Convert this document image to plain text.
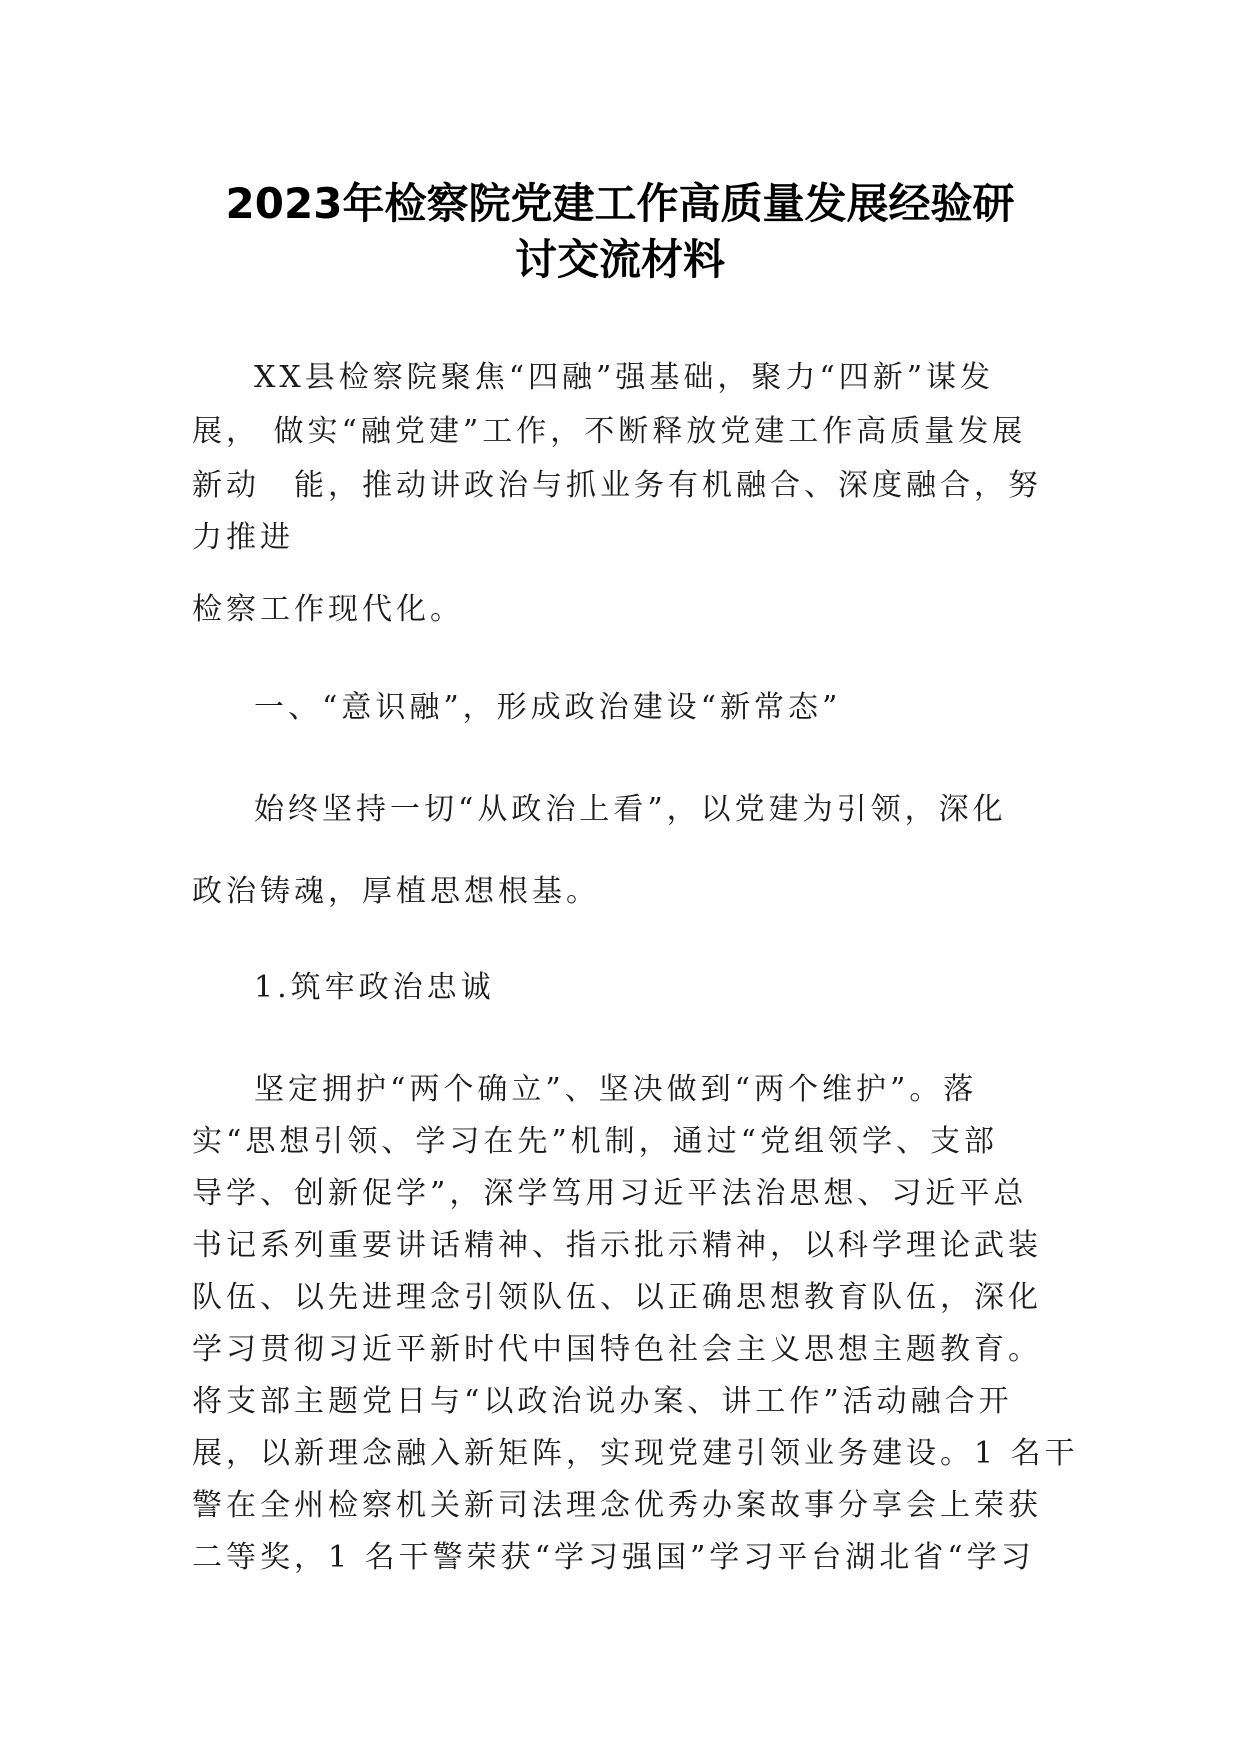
2023年检察院党建工作高质量发展经验研
讨交流材料
XX县检察院聚焦“四融”强基础，聚力“四新”谋发
展， 做实“融党建”工作，不断释放党建工作高质量发展
新动　能，推动讲政治与抓业务有机融合、深度融合，努
力推进
检察工作现代化。
一、“意识融”，形成政治建设“新常态”
始终坚持一切“从政治上看”，以党建为引领，深化
政治铸魂，厚植思想根基。
1.筑牢政治忠诚
坚定拥护“两个确立”、坚决做到“两个维护”。落
实“思想引领、学习在先”机制，通过“党组领学、支部
导学、创新促学”，深学笃用习近平法治思想、习近平总
书记系列重要讲话精神、指示批示精神，以科学理论武装
队伍、以先进理念引领队伍、以正确思想教育队伍，深化
学习贯彻习近平新时代中国特色社会主义思想主题教育。
将支部主题党日与“以政治说办案、讲工作”活动融合开
展，以新理念融入新矩阵，实现党建引领业务建设。1 名干
警在全州检察机关新司法理念优秀办案故事分享会上荣获
二等奖，1 名干警荣获“学习强国”学习平台湖北省“学习
